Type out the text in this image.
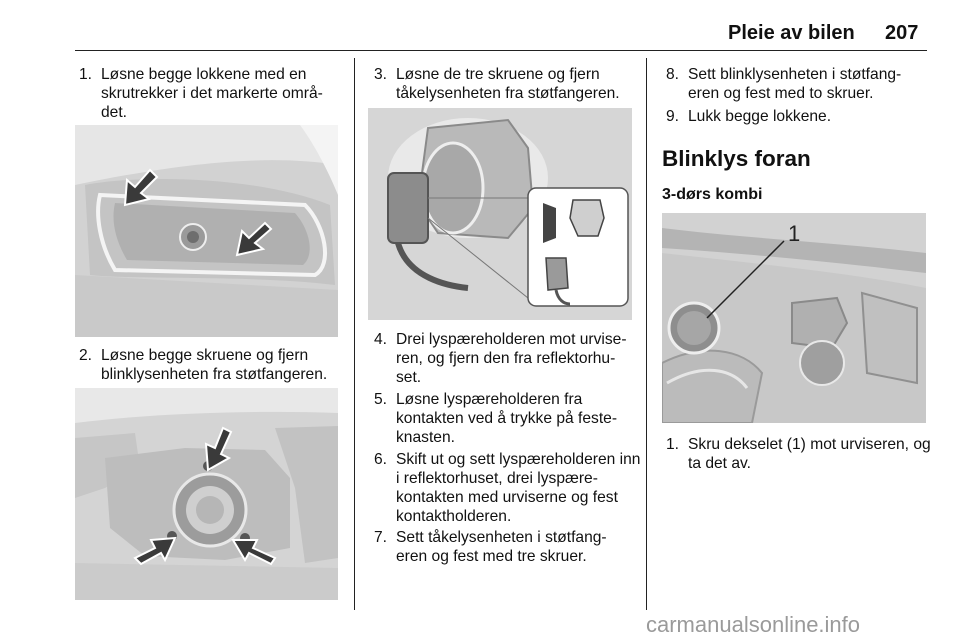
Pleie av bilen 207
1. Løsne begge lokkene med en skrutrekker i det markerte områ‑ det.
2. Løsne begge skruene og fjern blinklysenheten fra støtfangeren.
3. Løsne de tre skruene og fjern tåkelysenheten fra støtfangeren.
4. Drei lyspæreholderen mot urvise‑ ren, og fjern den fra reflektorhu‑ set.
5. Løsne lyspæreholderen fra kontakten ved å trykke på feste‑ knasten.
6. Skift ut og sett lyspæreholderen inn i reflektorhuset, drei lyspære‑ kontakten med urviserne og fest kontaktholderen.
7. Sett tåkelysenheten i støtfang‑ eren og fest med tre skruer.
8. Sett blinklysenheten i støtfang‑ eren og fest med to skruer.
9. Lukk begge lokkene.
Blinklys foran
3-dørs kombi
1
1. Skru dekselet (1) mot urviseren, og ta det av.
carmanualsonline.info
